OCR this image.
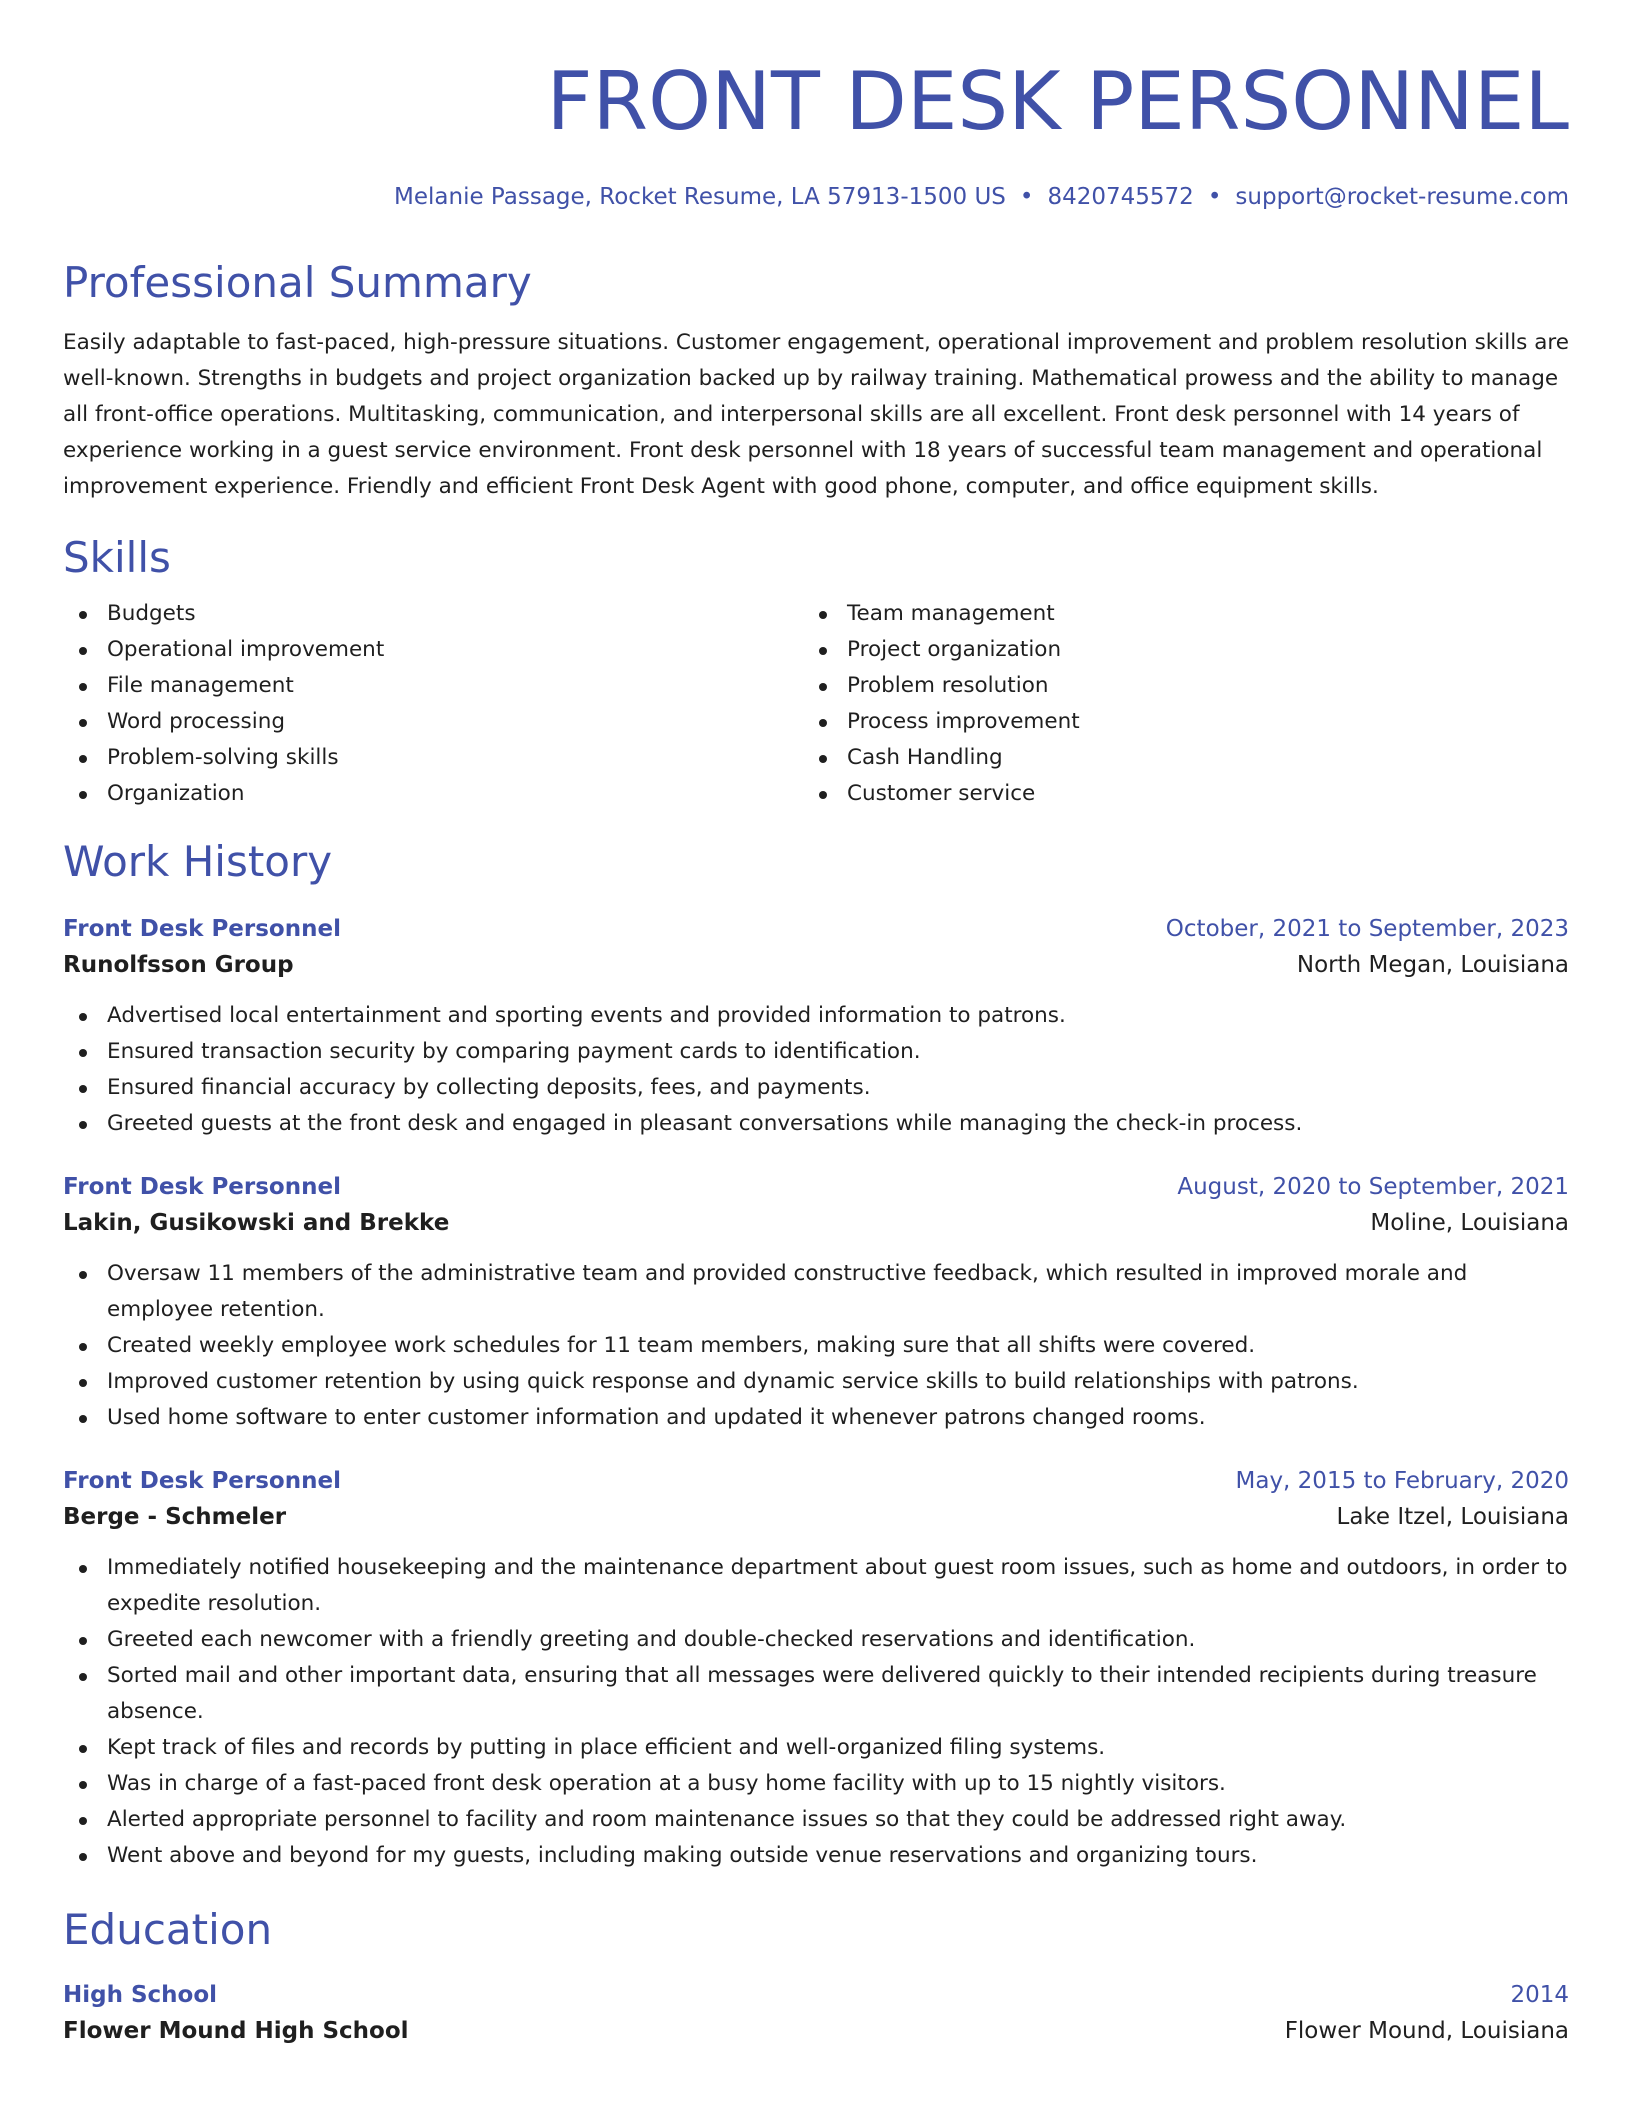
FRONT DESK PERSONNEL
Melanie Passage, Rocket Resume, LA 57913-1500 US • 8420745572 • support@rocket-resume.com
Professional Summary

Easily adaptable to fast-paced, high-pressure situations. Customer engagement, operational improvement and problem resolution skills are well-known. Strengths in budgets and project organization backed up by railway training. Mathematical prowess and the ability to manage all front-office operations. Multitasking, communication, and interpersonal skills are all excellent. Front desk personnel with 14 years of experience working in a guest service environment. Front desk personnel with 18 years of successful team management and operational improvement experience. Friendly and efficient Front Desk Agent with good phone, computer, and office equipment skills.

Skills
Budgets
Operational improvement
File management
Word processing
Problem-solving skills
Organization
Team management
Project organization
Problem resolution
Process improvement
Cash Handling
Customer service
Work History
Front Desk Personnel	October, 2021 to September, 2023
Runolfsson Group	North Megan, Louisiana
Advertised local entertainment and sporting events and provided information to patrons.
Ensured transaction security by comparing payment cards to identification.
Ensured financial accuracy by collecting deposits, fees, and payments.
Greeted guests at the front desk and engaged in pleasant conversations while managing the check-in process.
Front Desk Personnel	August, 2020 to September, 2021
Lakin, Gusikowski and Brekke	Moline, Louisiana
Oversaw 11 members of the administrative team and provided constructive feedback, which resulted in improved morale and employee retention.
Created weekly employee work schedules for 11 team members, making sure that all shifts were covered.
Improved customer retention by using quick response and dynamic service skills to build relationships with patrons.
Used home software to enter customer information and updated it whenever patrons changed rooms.
Front Desk Personnel	May, 2015 to February, 2020
Berge - Schmeler	Lake Itzel, Louisiana
Immediately notified housekeeping and the maintenance department about guest room issues, such as home and outdoors, in order to expedite resolution.
Greeted each newcomer with a friendly greeting and double-checked reservations and identification.
Sorted mail and other important data, ensuring that all messages were delivered quickly to their intended recipients during treasure absence.
Kept track of files and records by putting in place efficient and well-organized filing systems.
Was in charge of a fast-paced front desk operation at a busy home facility with up to 15 nightly visitors.
Alerted appropriate personnel to facility and room maintenance issues so that they could be addressed right away.
Went above and beyond for my guests, including making outside venue reservations and organizing tours.
Education
High School	2014
Flower Mound High School	Flower Mound, Louisiana
